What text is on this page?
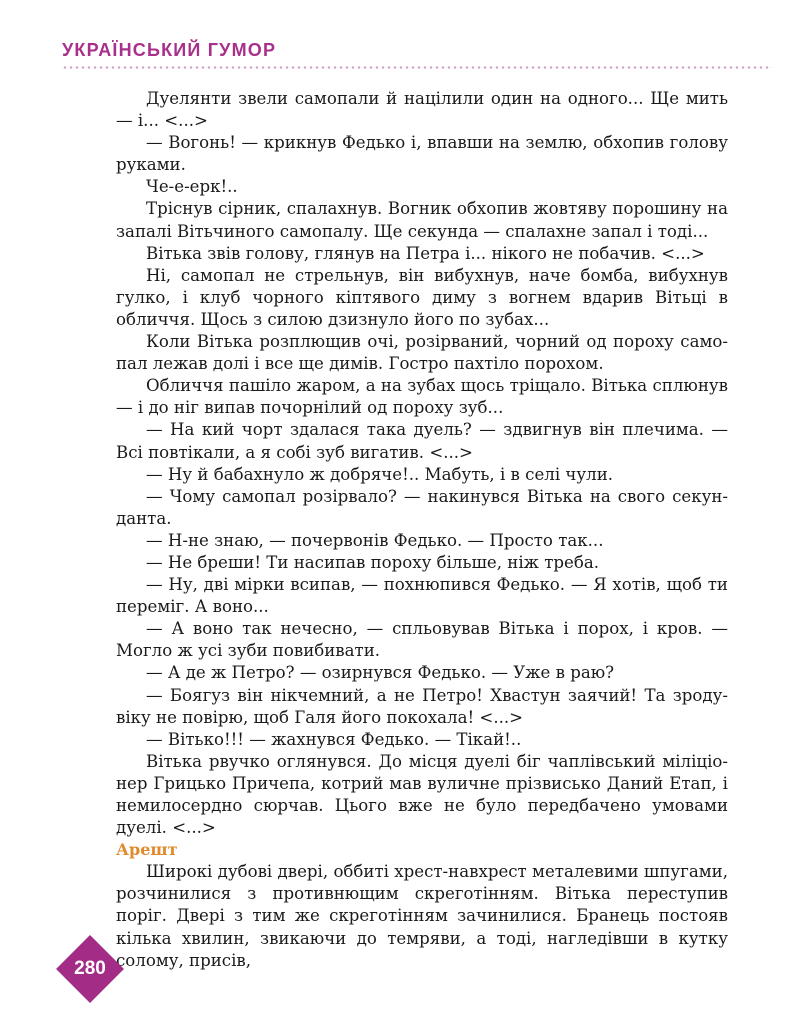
УКРАЇНСЬКИЙ ГУМОР

Дуелянти звели самопали й націлили один на одного... Ще мить — і... <...>

— Вогонь! — крикнув Федько і, впавши на землю, обхопив голову руками.

Че-е-ерк!..

Тріснув сірник, спалахнув. Вогник обхопив жовтяву порошину на запалі Вітьчиного самопалу. Ще секунда — спалахне запал і тоді...

Вітька звів голову, глянув на Петра і... нікого не побачив. <...>

Ні, самопал не стрельнув, він вибухнув, наче бомба, вибухнув гулко, і клуб чорного кіптявого диму з вогнем вдарив Вітьці в обличчя. Щось з силою дзизнуло його по зубах...

Коли Вітька розплющив очі, розірваний, чорний од пороху самопал лежав долі і все ще димів. Гостро пахтіло порохом.

Обличчя пашіло жаром, а на зубах щось тріщало. Вітька сплюнув — і до ніг випав почорнілий од пороху зуб...

— На кий чорт здалася така дуель? — здвигнув він плечима. — Всі повтікали, а я собі зуб вигатив. <...>

— Ну й бабахнуло ж добряче!.. Мабуть, і в селі чули.

— Чому самопал розірвало? — накинувся Вітька на свого секунданта.

— Н-не знаю, — почервонів Федько. — Просто так...

— Не бреши! Ти насипав пороху більше, ніж треба.

— Ну, дві мірки всипав, — похнюпився Федько. — Я хотів, щоб ти переміг. А воно...

— А воно так нечесно, — спльовував Вітька і порох, і кров. — Могло ж усі зуби повибивати.

— А де ж Петро? — озирнувся Федько. — Уже в раю?

— Боягуз він нікчемний, а не Петро! Хвастун заячий! Та зродувіку не повірю, щоб Галя його покохала! <...>

— Вітько!!! — жахнувся Федько. — Тікай!..

Вітька рвучко оглянувся. До місця дуелі біг чаплівський міліціонер Грицько Причепа, котрий мав вуличне прізвисько Даний Етап, і немилосердно сюрчав. Цього вже не було передбачено умовами дуелі. <...>

Арешт

Широкі дубові двері, оббиті хрест-навхрест металевими шпугами, розчинилися з противнющим скреготінням. Вітька переступив поріг. Двері з тим же скреготінням зачинилися. Бранець постояв кілька хвилин, звикаючи до темряви, а тоді, нагледівши в кутку солому, присів,

280
